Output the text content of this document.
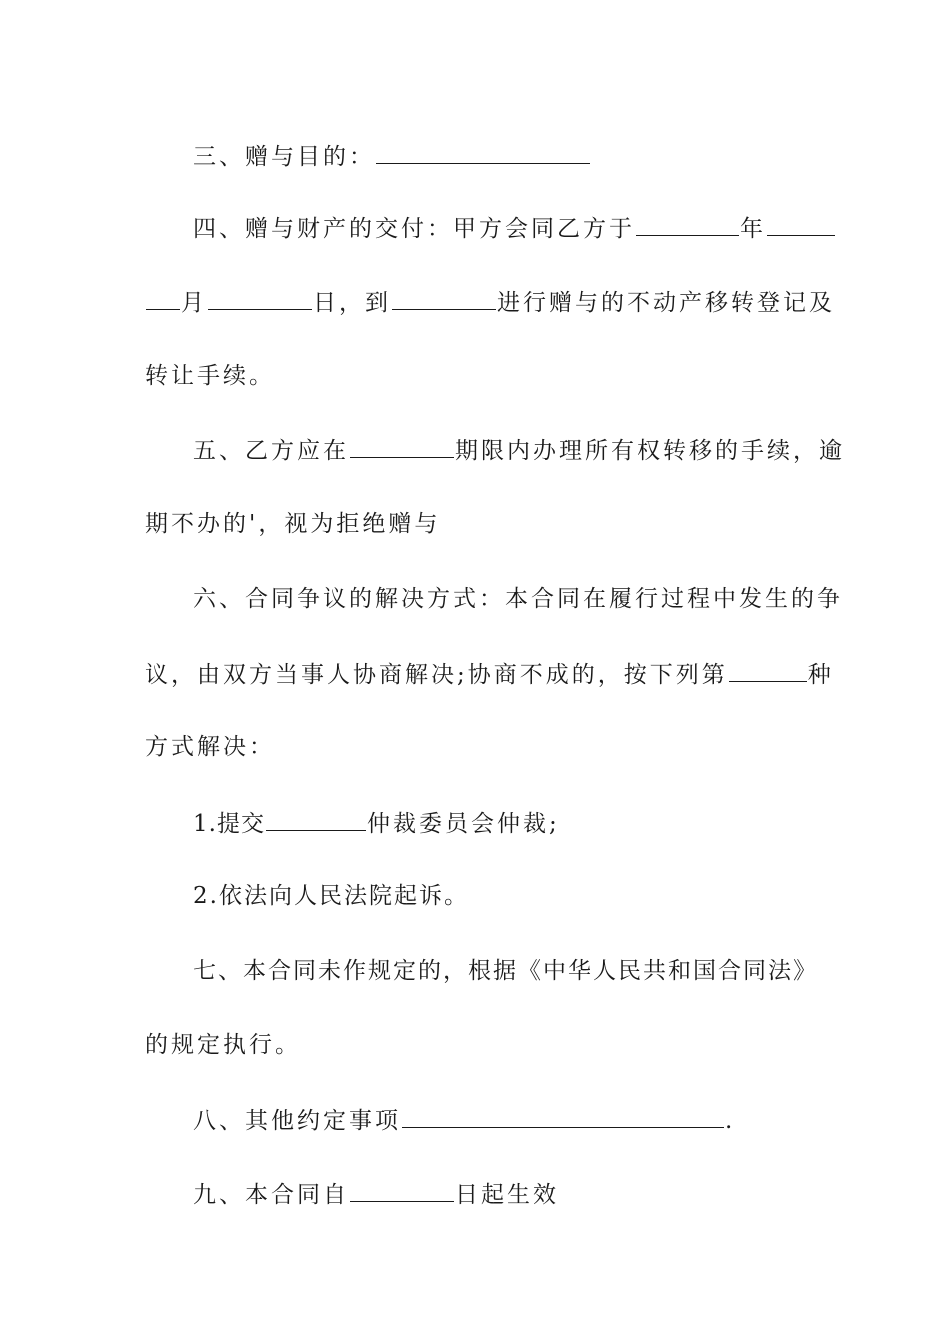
三、赠与目的：
四、赠与财产的交付：甲方会同乙方于	年
月	日，到	进行赠与的不动产移转登记及
转让手续。
五、乙方应在	期限内办理所有权转移的手续，逾
期不办的'，视为拒绝赠与
六、合同争议的解决方式：本合同在履行过程中发生的争
议，由双方当事人协商解决;协商不成的，按下列第	种
方式解决：
1.提交	仲裁委员会仲裁;
2.依法向人民法院起诉。
七、本合同未作规定的，根据《中华人民共和国合同法》
的规定执行。
八、其他约定事项	.
九、本合同自	日起生效
